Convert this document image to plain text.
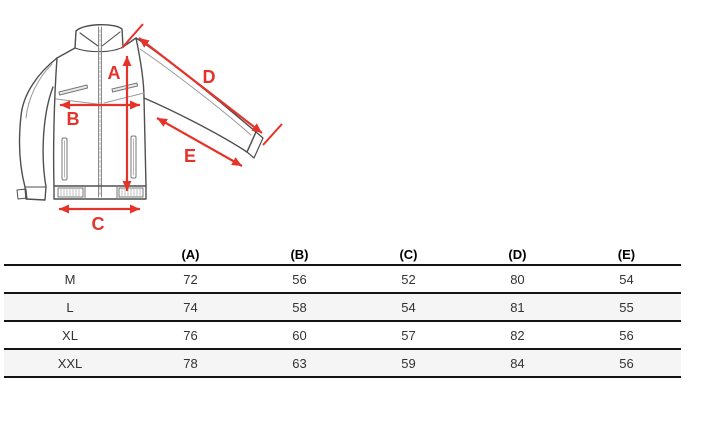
A
B
C
D
E
	(A)	(B)	(C)	(D)	(E)
M	72	56	52	80	54
L	74	58	54	81	55
XL	76	60	57	82	56
XXL	78	63	59	84	56
